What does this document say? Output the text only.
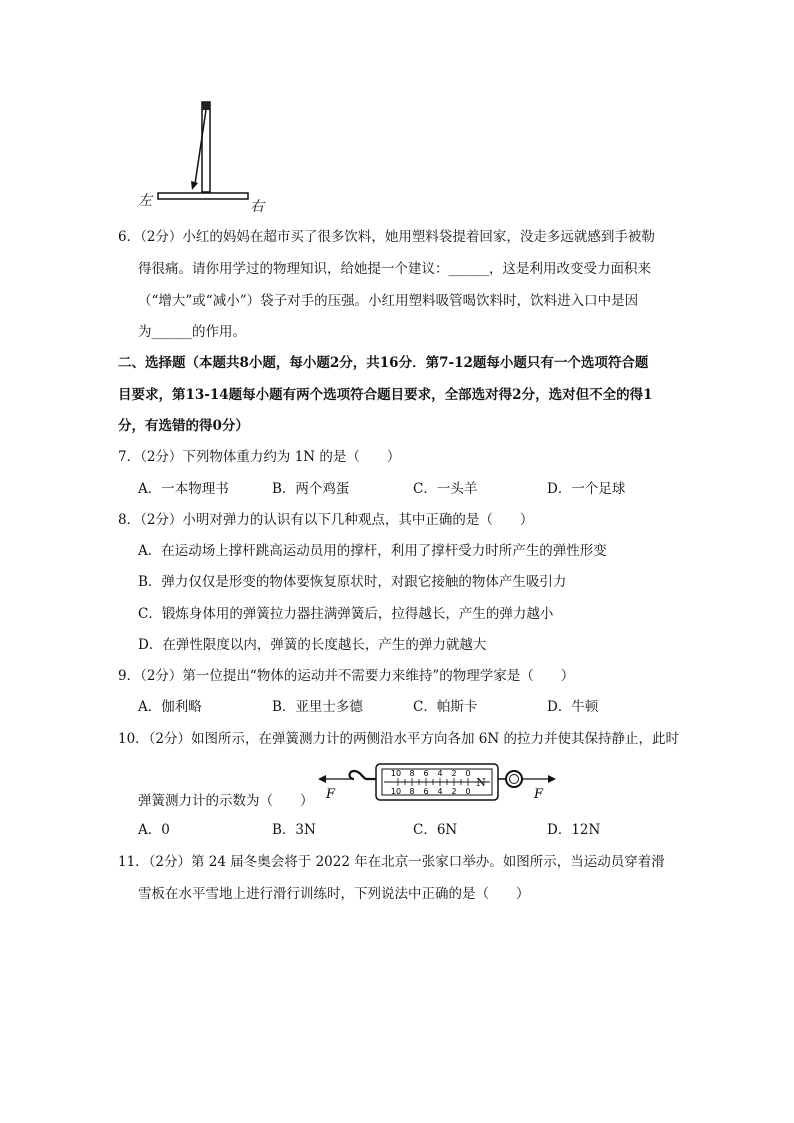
左	右
6．（2分）小红的妈妈在超市买了很多饮料，她用塑料袋提着回家，没走多远就感到手被勒
得很痛。请你用学过的物理知识，给她提一个建议：______，这是利用改变受力面积来
（“增大”或“减小”）袋子对手的压强。小红用塑料吸管喝饮料时，饮料进入口中是因
为______的作用。
二、选择题（本题共8小题，每小题2分，共16分．第7-12题每小题只有一个选项符合题
目要求，第13-14题每小题有两个选项符合题目要求，全部选对得2分，选对但不全的得1
分，有选错的得0分）
7．（2分）下列物体重力约为 1N 的是（　　）
A．一本物理书	B．两个鸡蛋	C．一头羊	D．一个足球
8．（2分）小明对弹力的认识有以下几种观点，其中正确的是（　　）
A．在运动场上撑杆跳高运动员用的撑杆，利用了撑杆受力时所产生的弹性形变
B．弹力仅仅是形变的物体要恢复原状时，对跟它接触的物体产生吸引力
C．锻炼身体用的弹簧拉力器拄满弹簧后，拉得越长，产生的弹力越小
D．在弹性限度以内，弹簧的长度越长，产生的弹力就越大
9．（2分）第一位提出“物体的运动并不需要力来维持”的物理学家是（　　）
A．伽利略	B．亚里士多德	C．帕斯卡	D．牛顿
10．（2分）如图所示，在弹簧测力计的两侧沿水平方向各加 6N 的拉力并使其保持静止，此时
N
0
2
4
6
8
10
10 8 6 4 2 0
F	F
弹簧测力计的示数为（　　）
A．0	B．3N	C．6N	D．12N
11．（2分）第 24 届冬奥会将于 2022 年在北京一张家口举办。如图所示，当运动员穿着滑
雪板在水平雪地上进行滑行训练时，下列说法中正确的是（　　）
